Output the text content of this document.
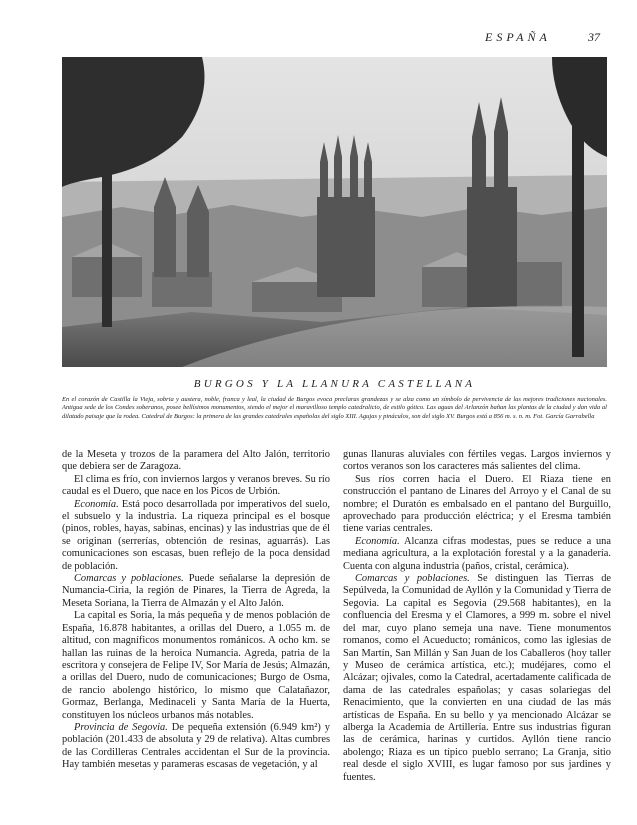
ESPAÑA	37
BURGOS Y LA LLANURA CASTELLANA
En el corazón de Castilla la Vieja, sobria y austera, noble, franca y leal, la ciudad de Burgos evoca preclaras grandezas y se alza como un símbolo de pervivencia de las mejores tradiciones nacionales. Antigua sede de los Condes soberanos, posee bellísimos monumentos, siendo el mejor el maravilloso templo catedralicio, de estilo gótico. Las aguas del Arlanzón bañan las plantas de la ciudad y dan vida al dilatado paisaje que la rodea. Catedral de Burgos: la primera de las grandes catedrales españolas del siglo XIII. Agujas y pináculos, son del siglo XV. Burgos está a 856 m. s. n. m. Fot. García Garrabella

de la Meseta y trozos de la paramera del Alto Jalón, territorio que debiera ser de Zaragoza.

El clima es frío, con inviernos largos y veranos breves. Su río caudal es el Duero, que nace en los Picos de Urbión.

Economía. Está poco desarrollada por imperativos del suelo, el subsuelo y la industria. La riqueza principal es el bosque (pinos, robles, hayas, sabinas, encinas) y las industrias que de él se originan (serrerías, obtención de resinas, aguarrás). Las comunicaciones son escasas, buen reflejo de la poca densidad de población.

Comarcas y poblaciones. Puede señalarse la depresión de Numancia-Ciria, la región de Pinares, la Tierra de Agreda, la Meseta Soriana, la Tierra de Almazán y el Alto Jalón.

La capital es Soria, la más pequeña y de menos población de España, 16.878 habitantes, a orillas del Duero, a 1.055 m. de altitud, con magníficos monumentos románicos. A ocho km. se hallan las ruinas de la heroica Numancia. Agreda, patria de la escritora y consejera de Felipe IV, Sor María de Jesús; Almazán, a orillas del Duero, nudo de comunicaciones; Burgo de Osma, de rancio abolengo histórico, lo mismo que Calatañazor, Gormaz, Berlanga, Medinaceli y Santa María de la Huerta, constituyen los núcleos urbanos más notables.

Provincia de Segovia. De pequeña extensión (6.949 km²) y población (201.433 de absoluta y 29 de relativa). Altas cumbres de las Cordilleras Centrales accidentan el Sur de la provincia. Hay también mesetas y parameras escasas de vegetación, y al

gunas llanuras aluviales con fértiles vegas. Largos inviernos y cortos veranos son los caracteres más salientes del clima.

Sus ríos corren hacia el Duero. El Riaza tiene en construcción el pantano de Linares del Arroyo y el Canal de su nombre; el Duratón es embalsado en el pantano del Burguillo, aprovechado para producción eléctrica; y el Eresma también tiene varias centrales.

Economía. Alcanza cifras modestas, pues se reduce a una mediana agricultura, a la explotación forestal y a la ganadería. Cuenta con alguna industria (paños, cristal, cerámica).

Comarcas y poblaciones. Se distinguen las Tierras de Sepúlveda, la Comunidad de Ayllón y la Comunidad y Tierra de Segovia. La capital es Segovia (29.568 habitantes), en la confluencia del Eresma y el Clamores, a 999 m. sobre el nivel del mar, cuyo plano semeja una nave. Tiene monumentos romanos, como el Acueducto; románicos, como las iglesias de San Martín, San Millán y San Juan de los Caballeros (hoy taller y Museo de cerámica artística, etc.); mudéjares, como el Alcázar; ojivales, como la Catedral, acertadamente calificada de dama de las catedrales españolas; y casas solariegas del Renacimiento, que la convierten en una ciudad de las más artísticas de España. En su bello y ya mencionado Alcázar se alberga la Academia de Artillería. Entre sus industrias figuran las de cerámica, harinas y curtidos. Ayllón tiene rancio abolengo; Riaza es un típico pueblo serrano; La Granja, sitio real desde el siglo XVIII, es lugar famoso por sus jardines y fuentes.
